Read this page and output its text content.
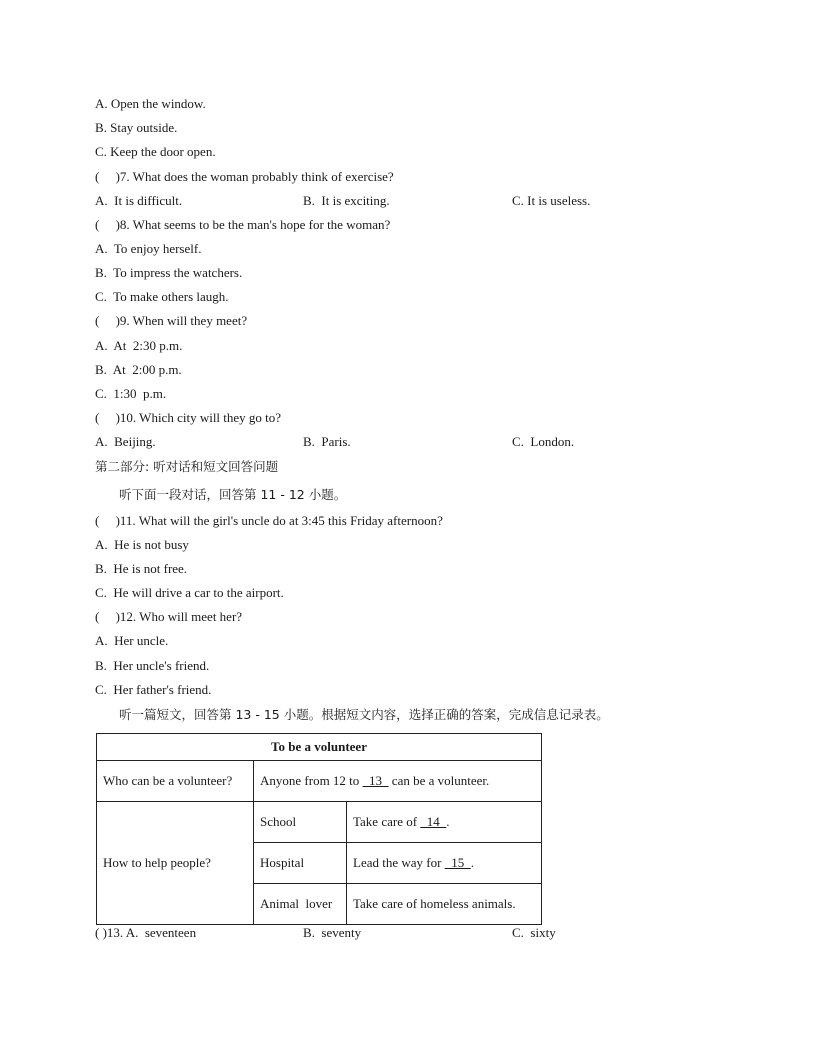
A. Open the window.
B. Stay outside.
C. Keep the door open.
(     )7. What does the woman probably think of exercise?
A.  It is difficult.	B.  It is exciting.	C. It is useless.
(     )8. What seems to be the man's hope for the woman?
A.  To enjoy herself.
B.  To impress the watchers.
C.  To make others laugh.
(     )9. When will they meet?
A.  At  2:30 p.m.
B.  At  2:00 p.m.
C.  1:30  p.m.
(     )10. Which city will they go to?
A.  Beijing.	B.  Paris.	C.  London.
第二部分: 听对话和短文回答问题
听下面一段对话，回答第 11 - 12 小题。
(     )11. What will the girl's uncle do at 3:45 this Friday afternoon?
A.  He is not busy
B.  He is not free.
C.  He will drive a car to the airport.
(     )12. Who will meet her?
A.  Her uncle.
B.  Her uncle's friend.
C.  Her father's friend.
听一篇短文，回答第 13 - 15 小题。根据短文内容，选择正确的答案，完成信息记录表。
To be a volunteer		
Who can be a volunteer?	Anyone from 12 to   13   can be a volunteer.	
How to help people?	School	Take care of   14  .
	Hospital	Lead the way for   15  .
	Animal  lover	Take care of homeless animals.
( )13. A.  seventeen	B.  seventy	C.  sixty
